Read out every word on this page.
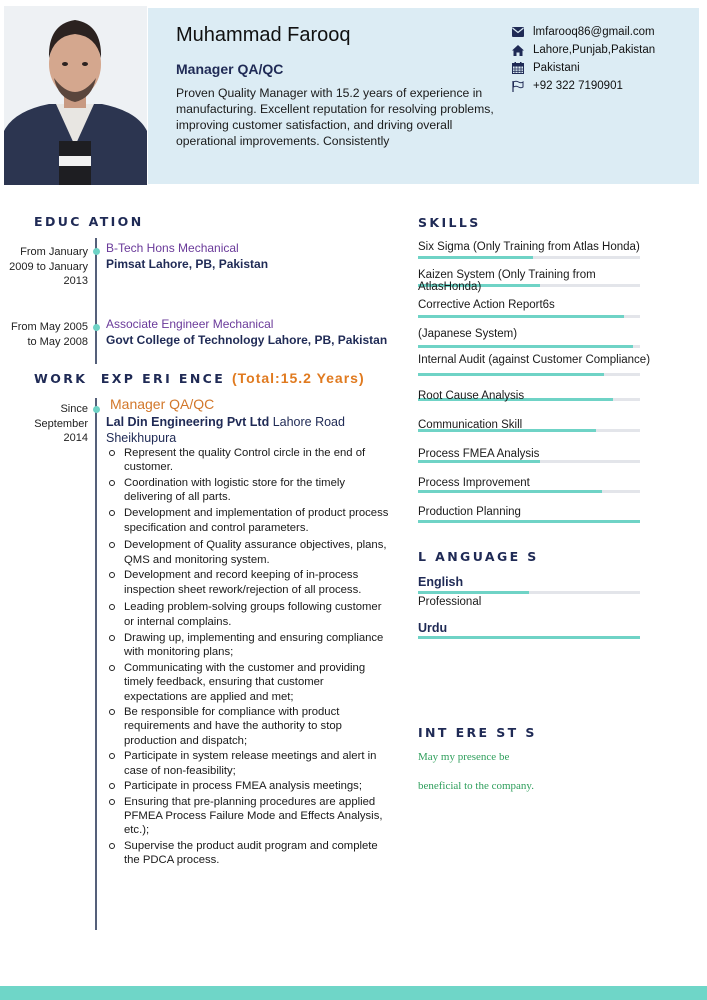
Muhammad Farooq
Manager QA/QC
Proven Quality Manager with 15.2 years of experience in manufacturing. Excellent reputation for resolving problems, improving customer satisfaction, and driving overall operational improvements. Consistently
lmfarooq86@gmail.com
Lahore,Punjab,Pakistan
Pakistani
+92 322 7190901
EDUC ATION
From January 2009 to January 2013
B-Tech Hons Mechanical
Pimsat Lahore, PB, Pakistan
From May 2005 to May 2008
Associate Engineer Mechanical
Govt College of Technology Lahore, PB, Pakistan
WORK  EXP ERI ENCE (Total:15.2 Years)
Since September 2014
Manager QA/QC
Lal Din Engineering Pvt Ltd Lahore Road Sheikhupura
Represent the quality Control circle in the end of customer.
Coordination with logistic store for the timely delivering of all parts.
Development and implementation of product process specification and control parameters.
Development of Quality assurance objectives, plans, QMS and monitoring system.
Development and record keeping of in-process inspection sheet rework/rejection of all process.
Leading problem-solving groups following customer or internal complains.
Drawing up, implementing and ensuring compliance with monitoring plans;
Communicating with the customer and providing timely feedback, ensuring that customer expectations are applied and met;
Be responsible for compliance with product requirements and have the authority to stop production and dispatch;
Participate in system release meetings and alert in case of non-feasibility;
Participate in process FMEA analysis meetings;
Ensuring that pre-planning procedures are applied PFMEA Process Failure Mode and Effects Analysis, etc.);
Supervise the product audit program and complete the PDCA process.
SKILLS
Six Sigma (Only Training from Atlas Honda)
Kaizen System (Only Training from AtlasHonda)
Corrective Action Report6s
(Japanese System)
Internal Audit (against Customer Compliance)
Root Cause Analysis
Communication Skill
Process FMEA Analysis
Process Improvement
Production Planning
L ANGUAGE S
English
Professional
Urdu
INT ERE ST S
May my presence be
beneficial to the company.
